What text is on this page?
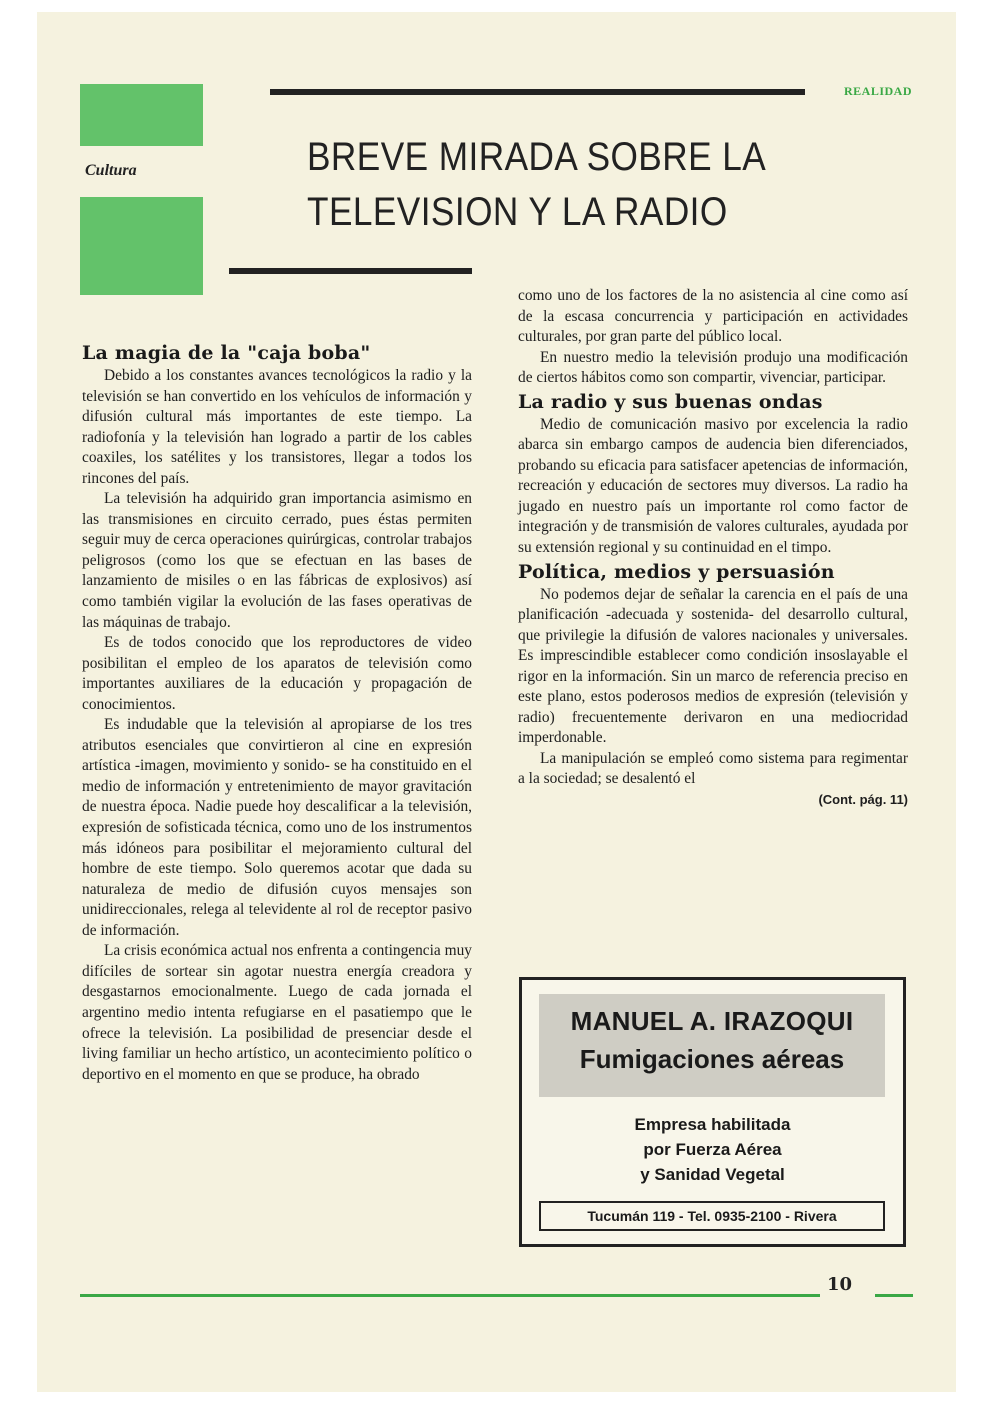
Cultura
REALIDAD
BREVE MIRADA SOBRE LA
TELEVISION Y LA RADIO
La magia de la "caja boba"

Debido a los constantes avances tecnológicos la radio y la televisión se han convertido en los vehículos de información y difusión cultural más importantes de este tiempo. La radiofonía y la televisión han logrado a partir de los cables coaxiles, los satélites y los transistores, llegar a todos los rincones del país.

La televisión ha adquirido gran importancia asimismo en las transmisiones en circuito cerrado, pues éstas permiten seguir muy de cerca operaciones quirúrgicas, controlar trabajos peligrosos (como los que se efectuan en las bases de lanzamiento de misiles o en las fábricas de explosivos) así como también vigilar la evolución de las fases operativas de las máquinas de trabajo.

Es de todos conocido que los reproductores de video posibilitan el empleo de los aparatos de televisión como importantes auxiliares de la educación y propagación de conocimientos.

Es indudable que la televisión al apropiarse de los tres atributos esenciales que convirtieron al cine en expresión artística -imagen, movimiento y sonido- se ha constituido en el medio de información y entretenimiento de mayor gravitación de nuestra época. Nadie puede hoy descalificar a la televisión, expresión de sofisticada técnica, como uno de los instrumentos más idóneos para posibilitar el mejoramiento cultural del hombre de este tiempo. Solo queremos acotar que dada su naturaleza de medio de difusión cuyos mensajes son unidireccionales, relega al televidente al rol de receptor pasivo de información.

La crisis económica actual nos enfrenta a contingencia muy difíciles de sortear sin agotar nuestra energía creadora y desgastarnos emocionalmente. Luego de cada jornada el argentino medio intenta refugiarse en el pasatiempo que le ofrece la televisión. La posibilidad de presenciar desde el living familiar un hecho artístico, un acontecimiento político o deportivo en el momento en que se produce, ha obrado

como uno de los factores de la no asistencia al cine como así de la escasa concurrencia y participación en actividades culturales, por gran parte del público local.

En nuestro medio la televisión produjo una modificación de ciertos hábitos como son compartir, vivenciar, participar.

La radio y sus buenas ondas

Medio de comunicación masivo por excelencia la radio abarca sin embargo campos de audencia bien diferenciados, probando su eficacia para satisfacer apetencias de información, recreación y educación de sectores muy diversos. La radio ha jugado en nuestro país un importante rol como factor de integración y de transmisión de valores culturales, ayudada por su extensión regional y su continuidad en el timpo.

Política, medios y persuasión

No podemos dejar de señalar la carencia en el país de una planificación -adecuada y sostenida- del desarrollo cultural, que privilegie la difusión de valores nacionales y universales. Es imprescindible establecer como condición insoslayable el rigor en la información. Sin un marco de referencia preciso en este plano, estos poderosos medios de expresión (televisión y radio) frecuentemente derivaron en una mediocridad imperdonable.

La manipulación se empleó como sistema para regimentar a la sociedad; se desalentó el

(Cont. pág. 11)

MANUEL A. IRAZOQUI
Fumigaciones aéreas
Empresa habilitada
por Fuerza Aérea
y Sanidad Vegetal
Tucumán 119 - Tel. 0935-2100 - Rivera
10
